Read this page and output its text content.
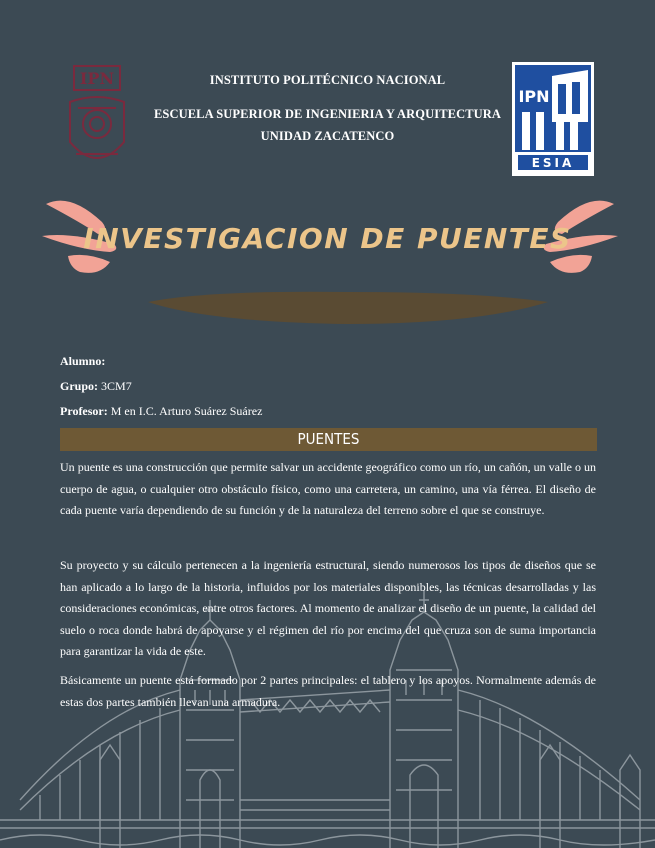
IPN
IPN
ESIA
INSTITUTO POLITÉCNICO NACIONAL
ESCUELA SUPERIOR DE INGENIERIA Y ARQUITECTURA
UNIDAD ZACATENCO
INVESTIGACION DE PUENTES
Alumno:
Grupo: 3CM7
Profesor: M en I.C. Arturo Suárez Suárez
PUENTES

Un puente es una construcción que permite salvar un accidente geográfico como un río, un cañón, un valle o un cuerpo de agua, o cualquier otro obstáculo físico, como una carretera, un camino, una vía férrea. El diseño de cada puente varía dependiendo de su función y de la naturaleza del terreno sobre el que se construye.

Su proyecto y su cálculo pertenecen a la ingeniería estructural, siendo numerosos los tipos de diseños que se han aplicado a lo largo de la historia, influidos por los materiales disponibles, las técnicas desarrolladas y las consideraciones económicas, entre otros factores. Al momento de analizar el diseño de un puente, la calidad del suelo o roca donde habrá de apoyarse y el régimen del río por encima del que cruza son de suma importancia para garantizar la vida de este.

Básicamente un puente está formado por 2 partes principales: el tablero y los apoyos. Normalmente además de estas dos partes también llevan una armadura.
